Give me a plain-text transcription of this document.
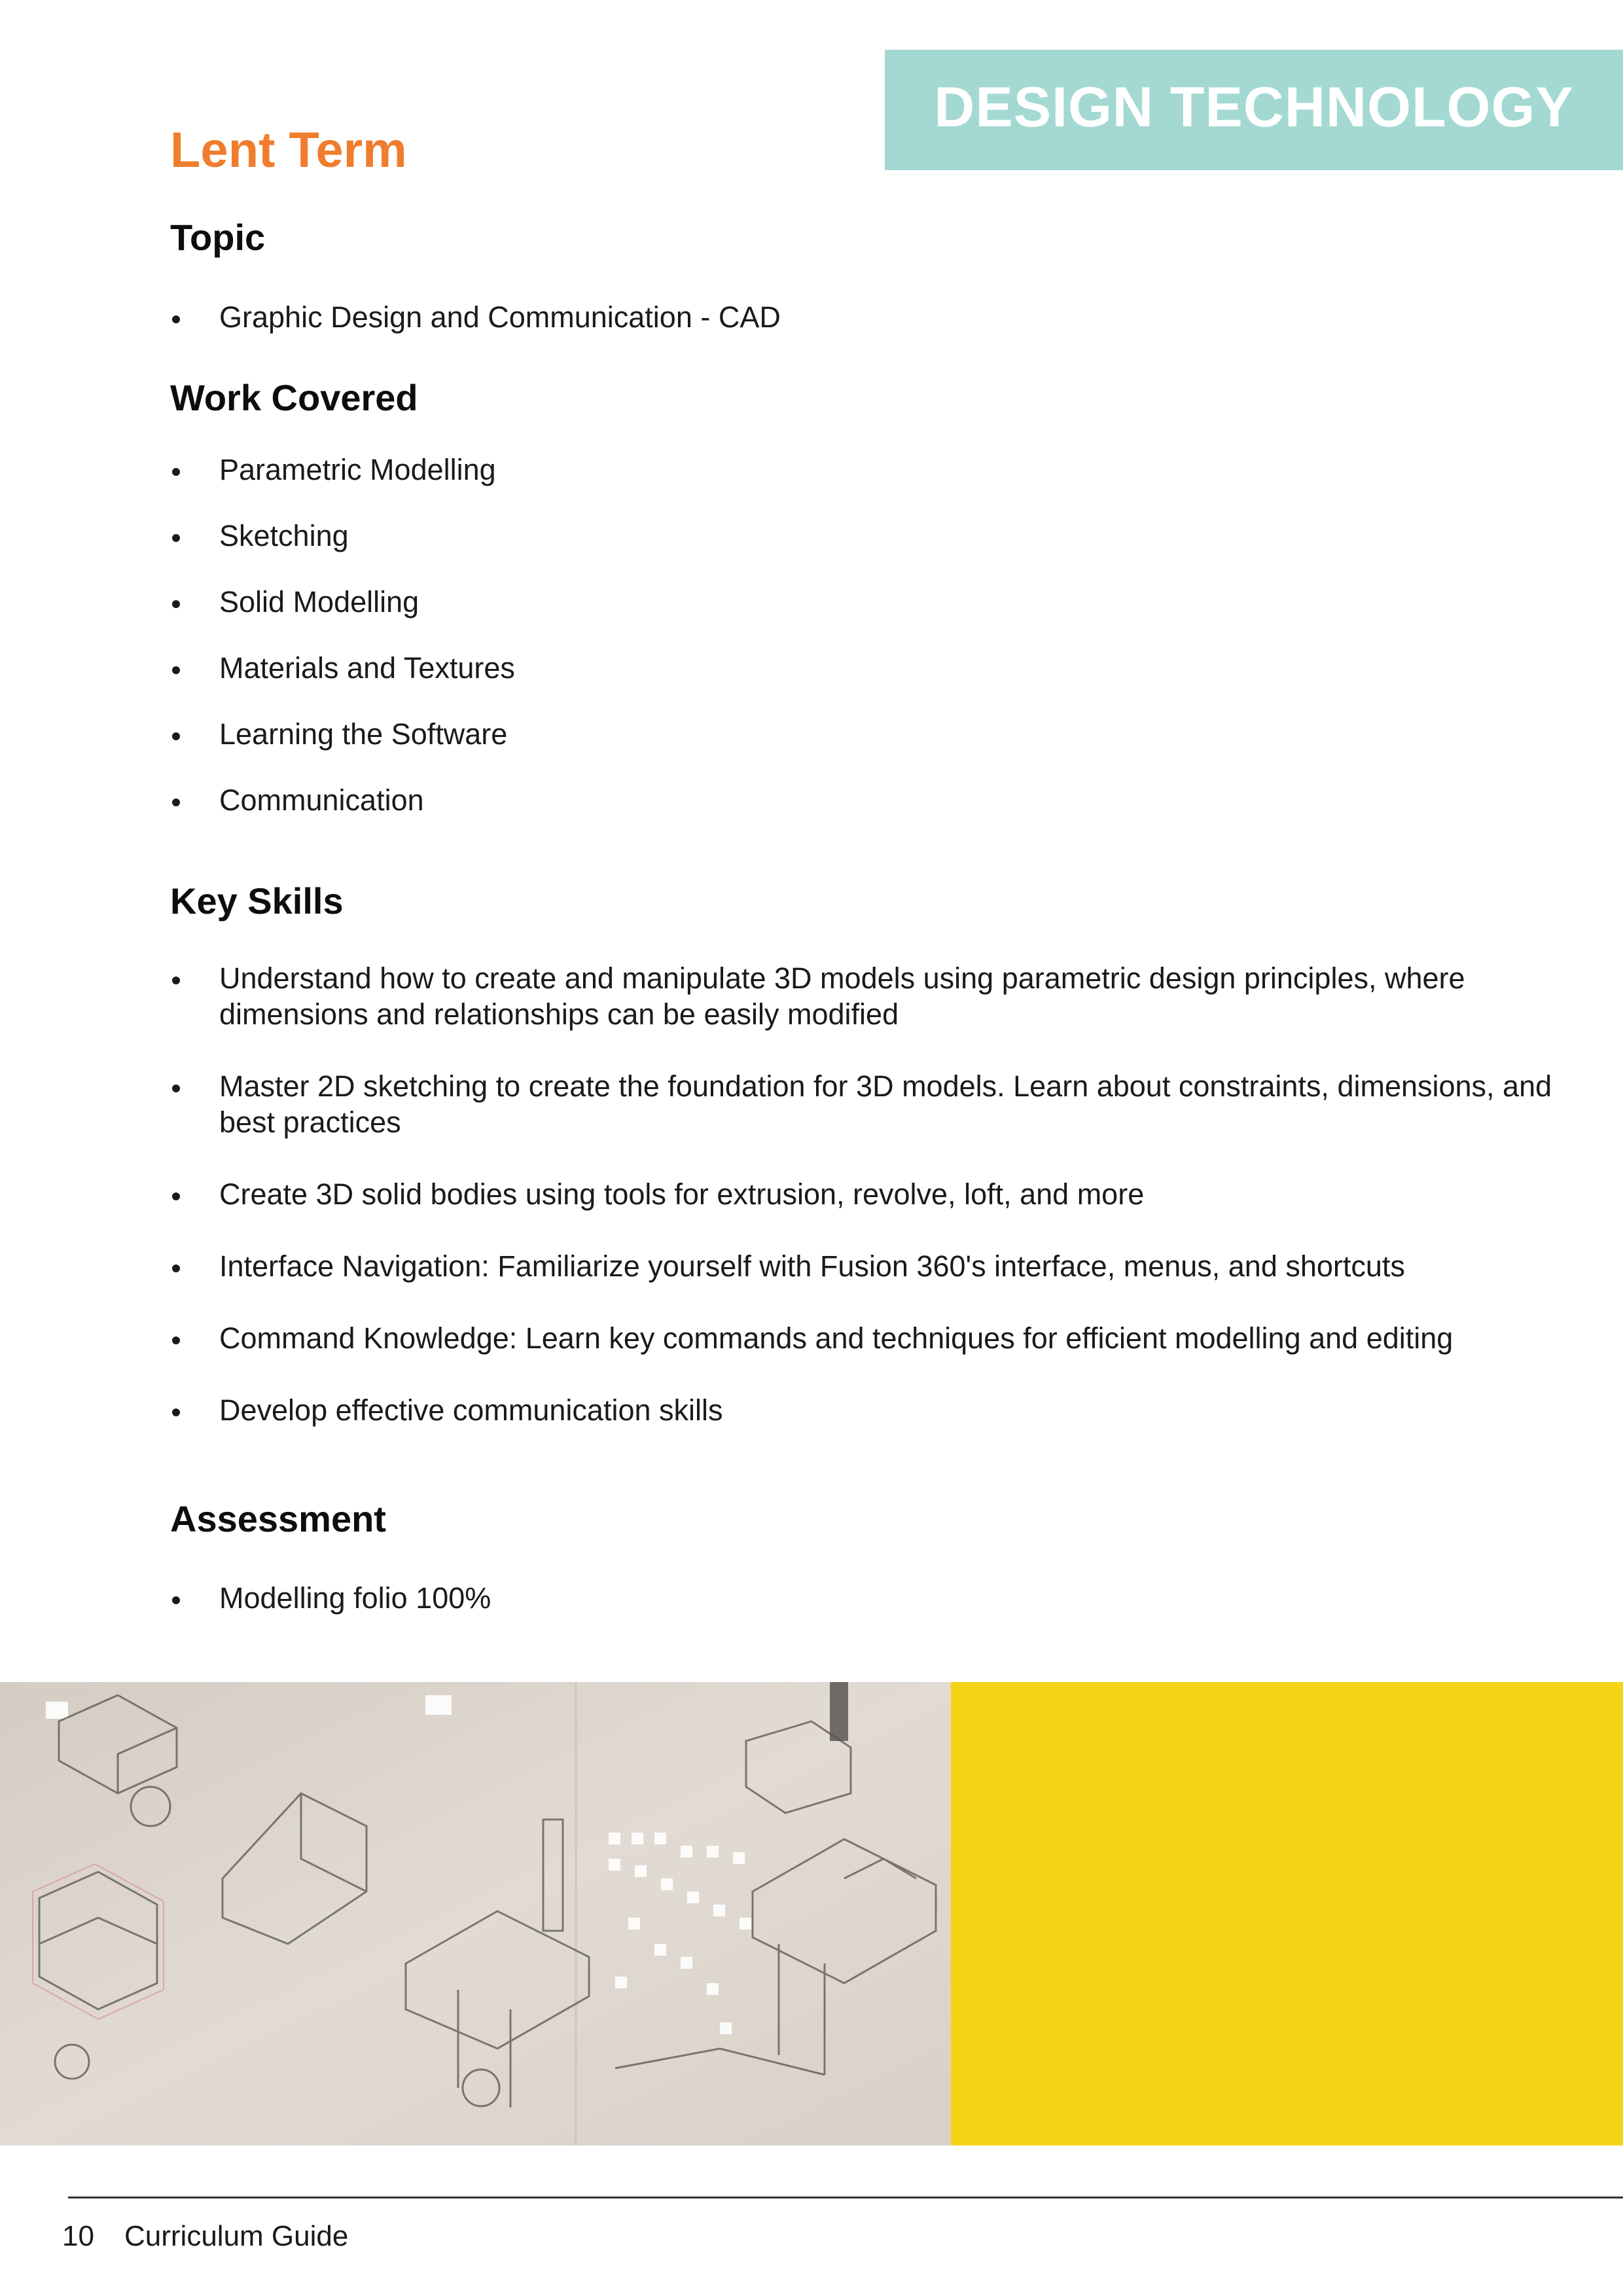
DESIGN TECHNOLOGY
Lent Term
Topic
Graphic Design and Communication - CAD
Work Covered
Parametric Modelling
Sketching
Solid Modelling
Materials and Textures
Learning the Software
Communication
Key Skills
Understand how to create and manipulate 3D models using parametric design principles, where dimensions and relationships can be easily modified
Master 2D sketching to create the foundation for 3D models. Learn about constraints, dimensions, and best practices
Create 3D solid bodies using tools for extrusion, revolve, loft, and more
Interface Navigation: Familiarize yourself with Fusion 360's interface, menus, and shortcuts
Command Knowledge: Learn key commands and techniques for efficient modelling and editing
Develop effective communication skills
Assessment
Modelling folio 100%
10 Curriculum Guide
